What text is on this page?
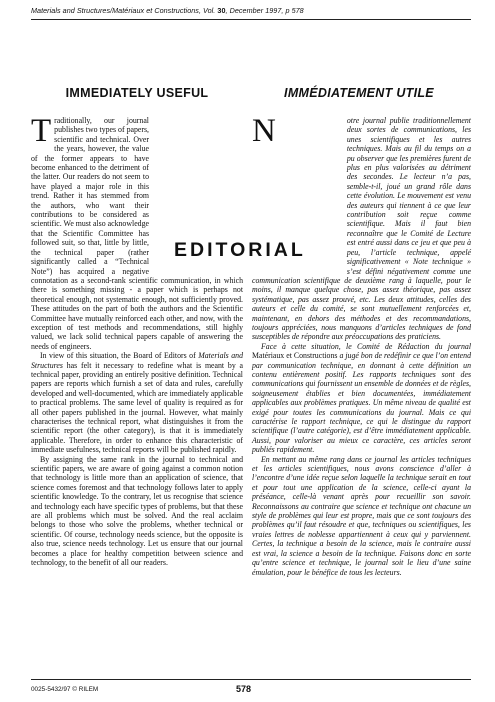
Materials and Structures/Matériaux et Constructions, Vol. 30, December 1997, p 578
IMMEDIATELY USEFUL	IMMÉDIATEMENT UTILE

Traditionally, our journal publishes two types of papers, scientific and technical. Over the years, however, the value of the former appears to have become enhanced to the detriment of the latter. Our readers do not seem to have played a major role in this trend. Rather it has stemmed from the authors, who want their contributions to be considered as scientific. We must also acknowledge that the Scientific Committee has followed suit, so that, little by little, the technical paper (rather significantly called a “Technical Note”) has acquired a negative connotation as a second-rank scientific communication, in which there is something missing - a paper which is perhaps not theoretical enough, not systematic enough, not sufficiently proved. These attitudes on the part of both the authors and the Scientific Committee have mutually reinforced each other, and now, with the exception of test methods and recommendations, still highly valued, we lack solid technical papers capable of answering the needs of engineers.

In view of this situation, the Board of Editors of Materials and Structures has felt it necessary to redefine what is meant by a technical paper, providing an entirely positive definition. Technical papers are reports which furnish a set of data and rules, carefully developed and well-documented, which are immediately applicable to practical problems. The same level of quality is required as for all other papers published in the journal. However, what mainly characterises the technical report, what distinguishes it from the scientific report (the other category), is that it is immediately applicable. Therefore, in order to enhance this characteristic of immediate usefulness, technical reports will be published rapidly.

By assigning the same rank in the journal to technical and scientific papers, we are aware of going against a common notion that technology is little more than an application of science, that science comes foremost and that technology follows later to apply scientific knowledge. To the contrary, let us recognise that science and technology each have specific types of problems, but that these are all problems which must be solved. And the real acclaim belongs to those who solve the problems, whether technical or scientific. Of course, technology needs science, but the opposite is also true, science needs technology. Let us ensure that our journal becomes a place for healthy competition between science and technology, to the benefit of all our readers.

EDITORIAL

N	otre journal publie traditionnellement deux sortes de communications, les unes scientifiques et les autres techniques. Mais au fil du temps on a pu observer que les premières furent de plus en plus valorisées au détriment des secondes. Le lecteur n’a pas, semble-t-il, joué un grand rôle dans cette évolution. Le mouvement est venu des auteurs qui tiennent à ce que leur contribution soit reçue comme scientifique. Mais il faut bien reconnaître que le Comité de Lecture est entré aussi dans ce jeu et que peu à peu, l’article technique, appelé significativement « Note technique » s’est défini négativement comme une communication scientifique de deuxième rang à laquelle, pour le moins, il manque quelque chose, pas assez théorique, pas assez systématique, pas assez prouvé, etc. Les deux attitudes, celles des auteurs et celle du comité, se sont mutuellement renforcées et, maintenant, en dehors des méthodes et des recommandations, toujours appréciées, nous manquons d’articles techniques de fond susceptibles de répondre aux préoccupations des praticiens.

Face à cette situation, le Comité de Rédaction du journal Matériaux et Constructions a jugé bon de redéfinir ce que l’on entend par communication technique, en donnant à cette définition un contenu entièrement positif. Les rapports techniques sont des communications qui fournissent un ensemble de données et de règles, soigneusement établies et bien documentées, immédiatement applicables aux problèmes pratiques. Un même niveau de qualité est exigé pour toutes les communications du journal. Mais ce qui caractérise le rapport technique, ce qui le distingue du rapport scientifique (l’autre catégorie), est d’être immédiatement applicable. Aussi, pour valoriser au mieux ce caractère, ces articles seront publiés rapidement.

En mettant au même rang dans ce journal les articles techniques et les articles scientifiques, nous avons conscience d’aller à l’encontre d’une idée reçue selon laquelle la technique serait en tout et pour tout une application de la science, celle-ci ayant la préséance, celle-là venant après pour recueillir son savoir. Reconnaissons au contraire que science et technique ont chacune un style de problèmes qui leur est propre, mais que ce sont toujours des problèmes qu’il faut résoudre et que, techniques ou scientifiques, les vraies lettres de noblesse appartiennent à ceux qui y parviennent. Certes, la technique a besoin de la science, mais le contraire aussi est vrai, la science a besoin de la technique. Faisons donc en sorte qu’entre science et technique, le journal soit le lieu d’une saine émulation, pour le bénéfice de tous les lecteurs.

0025-5432/97 © RILEM	578
